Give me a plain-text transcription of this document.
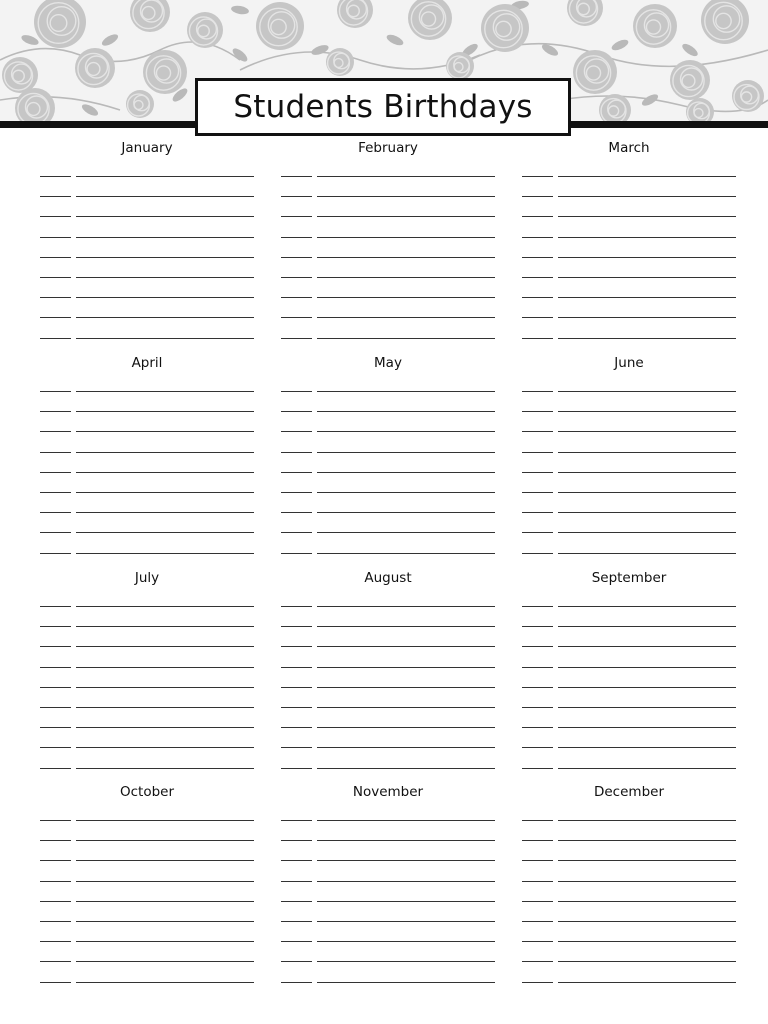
Students Birthdays
January	February	March
April	May	June
July	August	September
October	November	December
